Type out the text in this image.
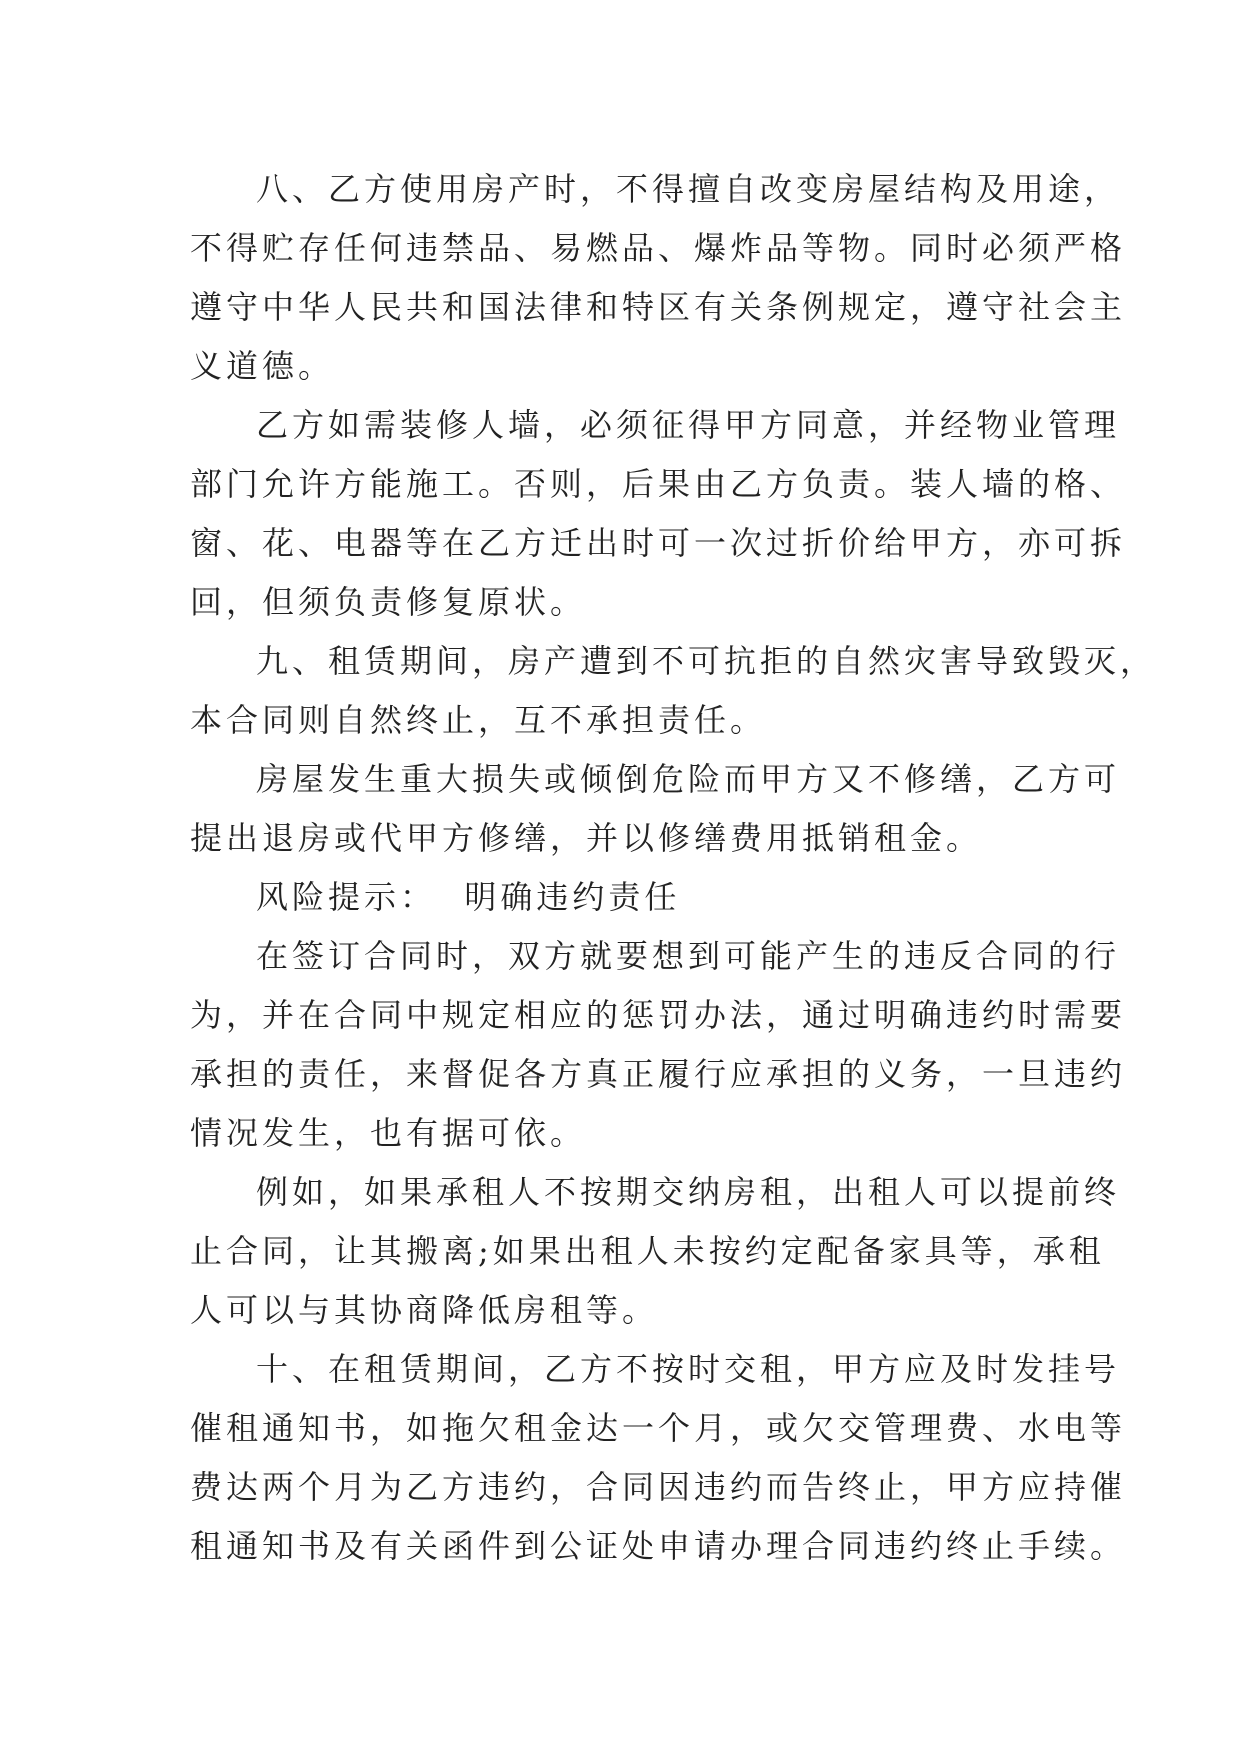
八、乙方使用房产时，不得擅自改变房屋结构及用途，
不得贮存任何违禁品、易燃品、爆炸品等物。同时必须严格
遵守中华人民共和国法律和特区有关条例规定，遵守社会主
义道德。

乙方如需装修人墙，必须征得甲方同意，并经物业管理
部门允许方能施工。否则，后果由乙方负责。装人墙的格、
窗、花、电器等在乙方迁出时可一次过折价给甲方，亦可拆
回，但须负责修复原状。

九、租赁期间，房产遭到不可抗拒的自然灾害导致毁灭，
本合同则自然终止，互不承担责任。

房屋发生重大损失或倾倒危险而甲方又不修缮，乙方可
提出退房或代甲方修缮，并以修缮费用抵销租金。

风险提示：  明确违约责任

在签订合同时，双方就要想到可能产生的违反合同的行
为，并在合同中规定相应的惩罚办法，通过明确违约时需要
承担的责任，来督促各方真正履行应承担的义务，一旦违约
情况发生，也有据可依。

例如，如果承租人不按期交纳房租，出租人可以提前终
止合同，让其搬离;如果出租人未按约定配备家具等，承租
人可以与其协商降低房租等。

十、在租赁期间，乙方不按时交租，甲方应及时发挂号
催租通知书，如拖欠租金达一个月，或欠交管理费、水电等
费达两个月为乙方违约，合同因违约而告终止，甲方应持催
租通知书及有关函件到公证处申请办理合同违约终止手续。
